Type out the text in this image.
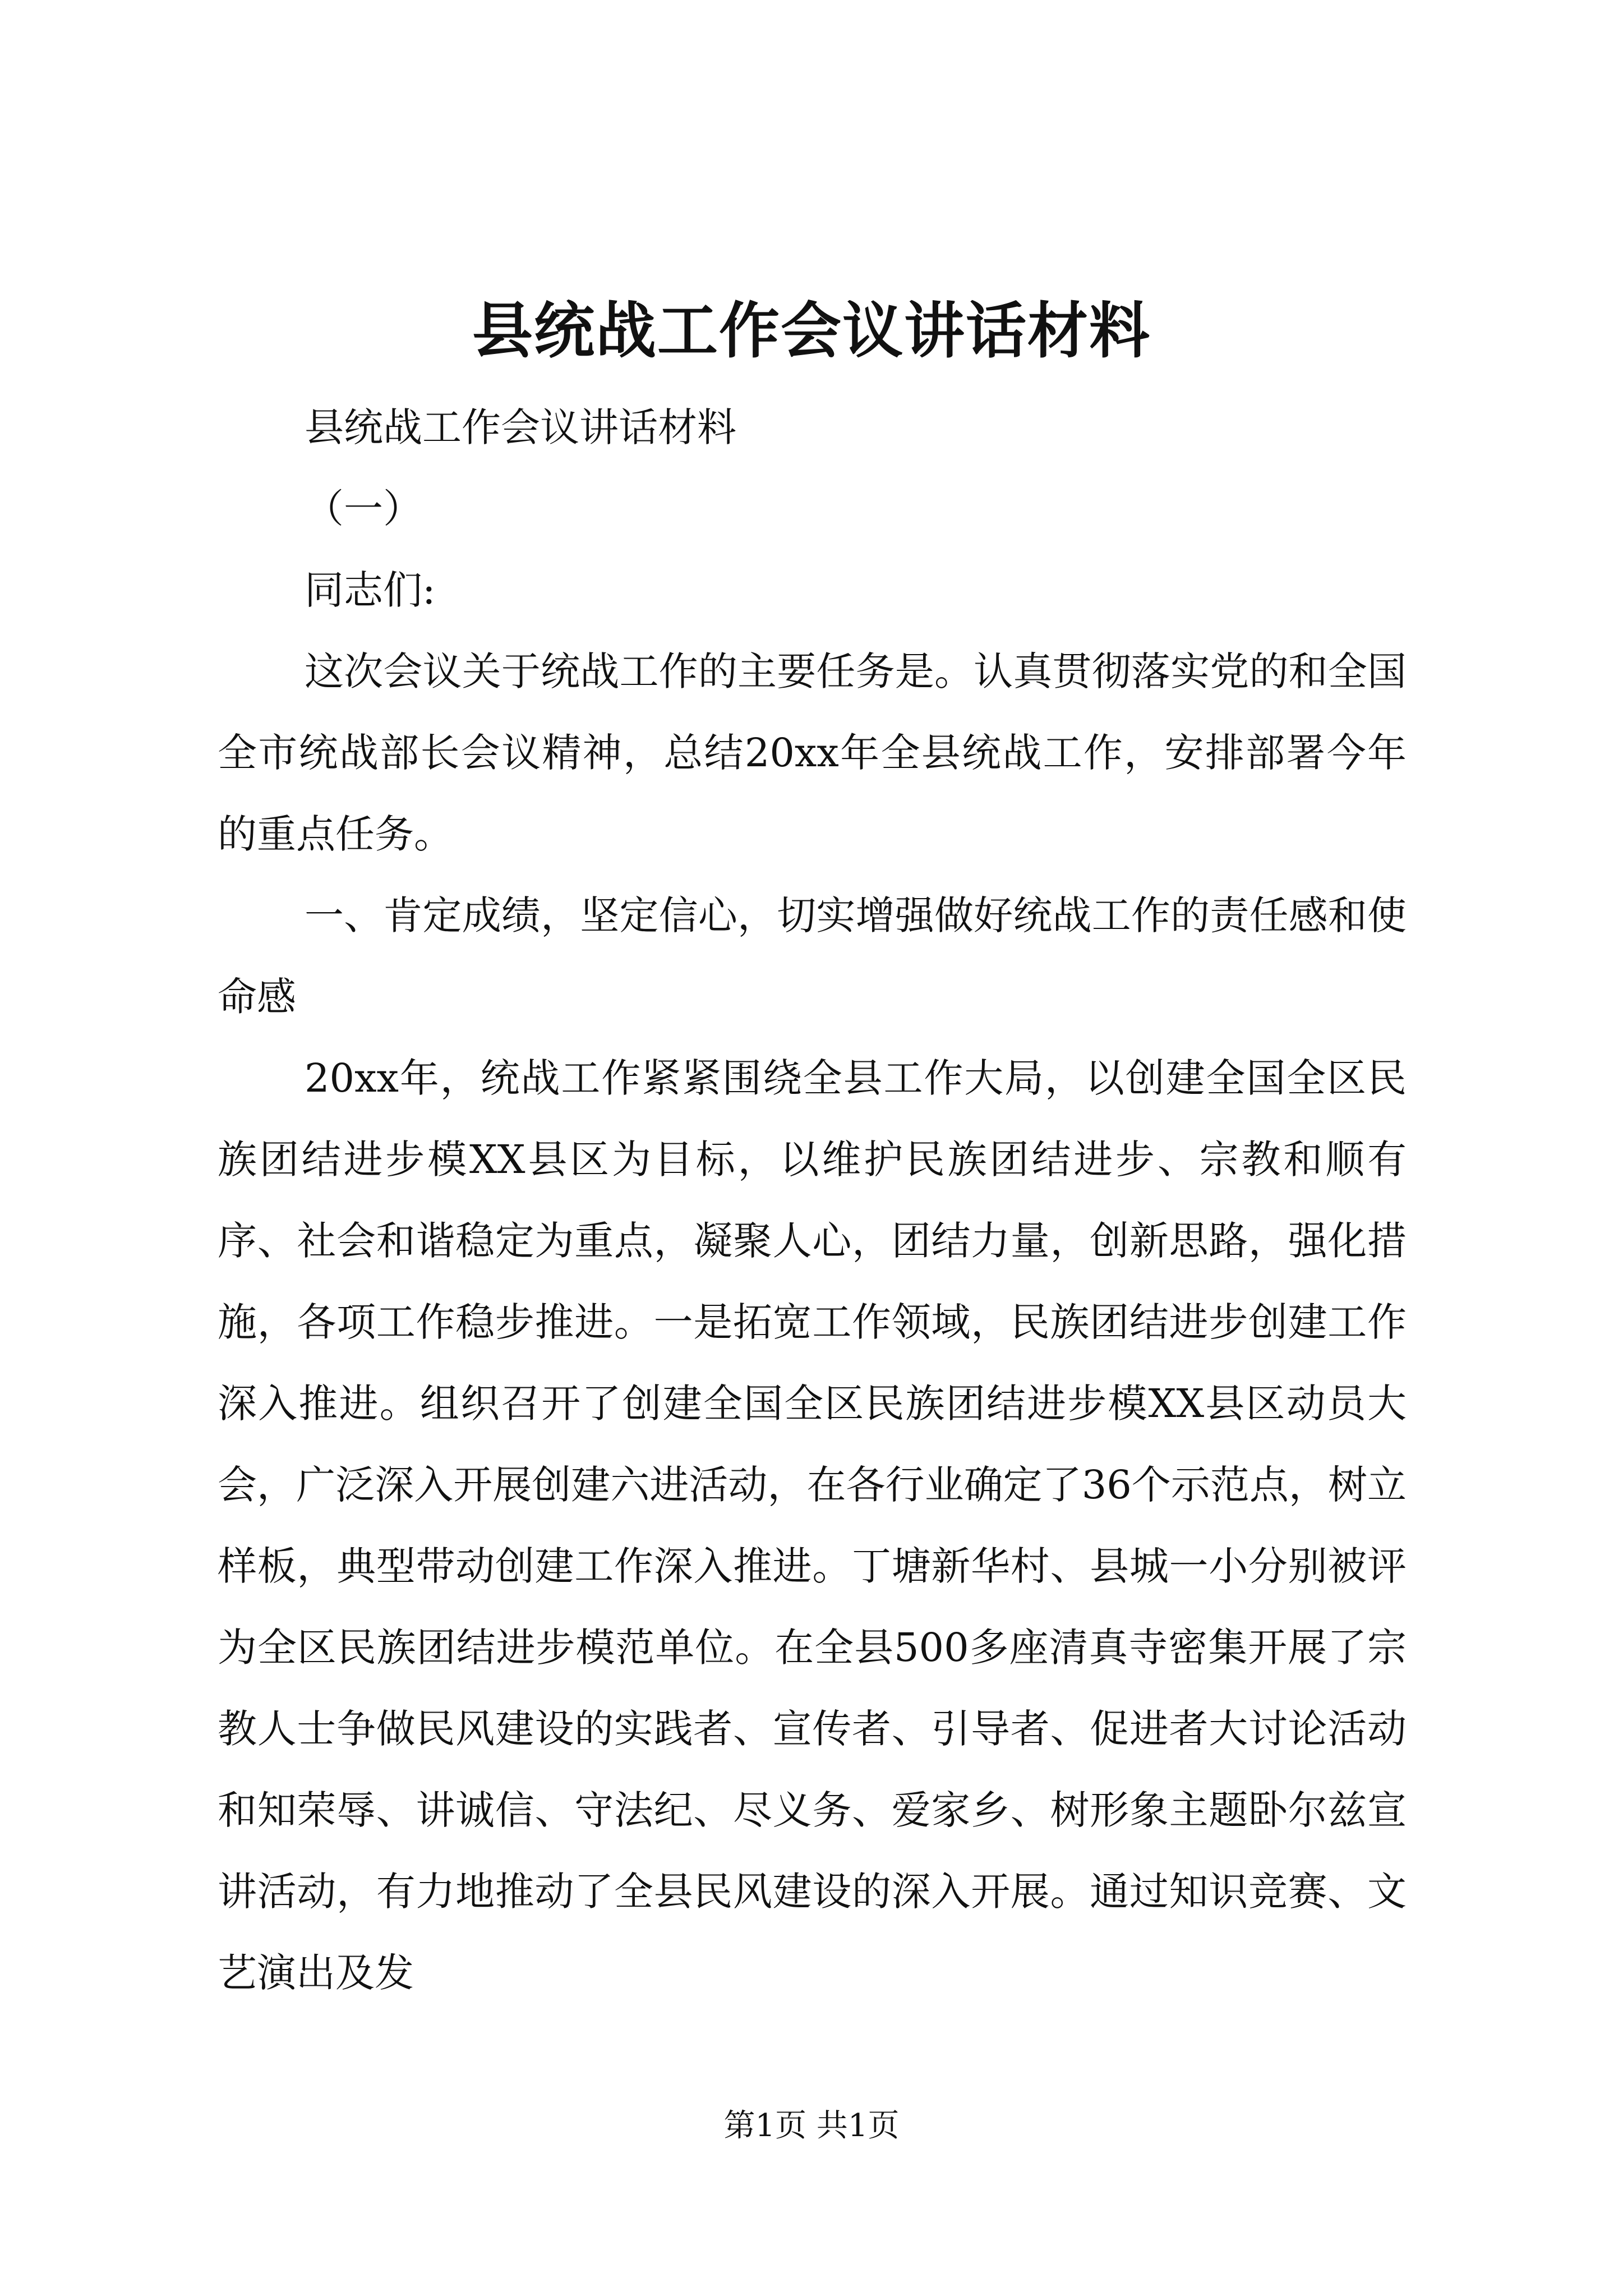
县统战工作会议讲话材料

县统战工作会议讲话材料

（一）

同志们:

这次会议关于统战工作的主要任务是。认真贯彻落实党的和全国全市统战部长会议精神，总结20xx年全县统战工作，安排部署今年的重点任务。

一、肯定成绩，坚定信心，切实增强做好统战工作的责任感和使命感

20xx年，统战工作紧紧围绕全县工作大局，以创建全国全区民族团结进步模XX县区为目标，以维护民族团结进步、宗教和顺有序、社会和谐稳定为重点，凝聚人心，团结力量，创新思路，强化措施，各项工作稳步推进。一是拓宽工作领域，民族团结进步创建工作深入推进。组织召开了创建全国全区民族团结进步模XX县区动员大会，广泛深入开展创建六进活动，在各行业确定了36个示范点，树立样板，典型带动创建工作深入推进。丁塘新华村、县城一小分别被评为全区民族团结进步模范单位。在全县500多座清真寺密集开展了宗教人士争做民风建设的实践者、宣传者、引导者、促进者大讨论活动和知荣辱、讲诚信、守法纪、尽义务、爱家乡、树形象主题卧尔兹宣讲活动，有力地推动了全县民风建设的深入开展。通过知识竞赛、文艺演出及发

第1页 共1页
